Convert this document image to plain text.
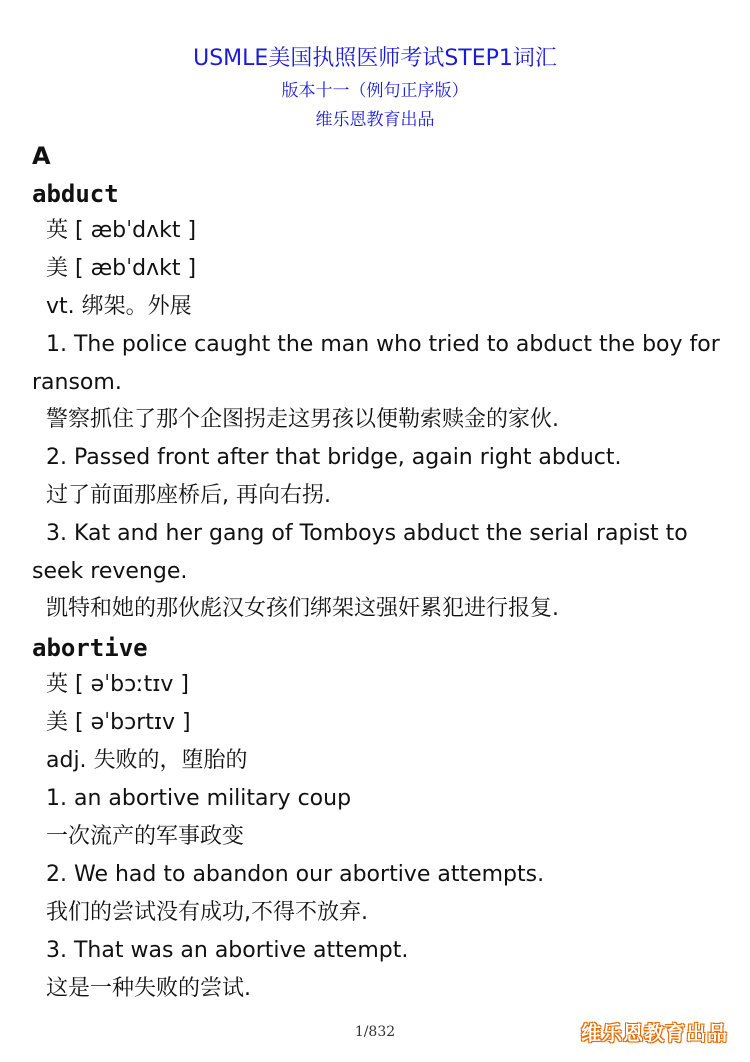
USMLE美国执照医师考试STEP1词汇
版本十一（例句正序版）
维乐恩教育出品
A
abduct
英 [ æbˈdʌkt ]
美 [ æbˈdʌkt ]
vt. 绑架。外展
1. The police caught the man who tried to abduct the boy for ransom.
警察抓住了那个企图拐走这男孩以便勒索赎金的家伙.
2. Passed front after that bridge, again right abduct.
过了前面那座桥后, 再向右拐.
3. Kat and her gang of Tomboys abduct the serial rapist to seek revenge.
凯特和她的那伙彪汉女孩们绑架这强奸累犯进行报复.
abortive
英 [ əˈbɔːtɪv ]
美 [ əˈbɔrtɪv ]
adj. 失败的，堕胎的
1. an abortive military coup
一次流产的军事政变
2. We had to abandon our abortive attempts.
我们的尝试没有成功,不得不放弃.
3. That was an abortive attempt.
这是一种失败的尝试.
1/832	维乐恩教育出品
